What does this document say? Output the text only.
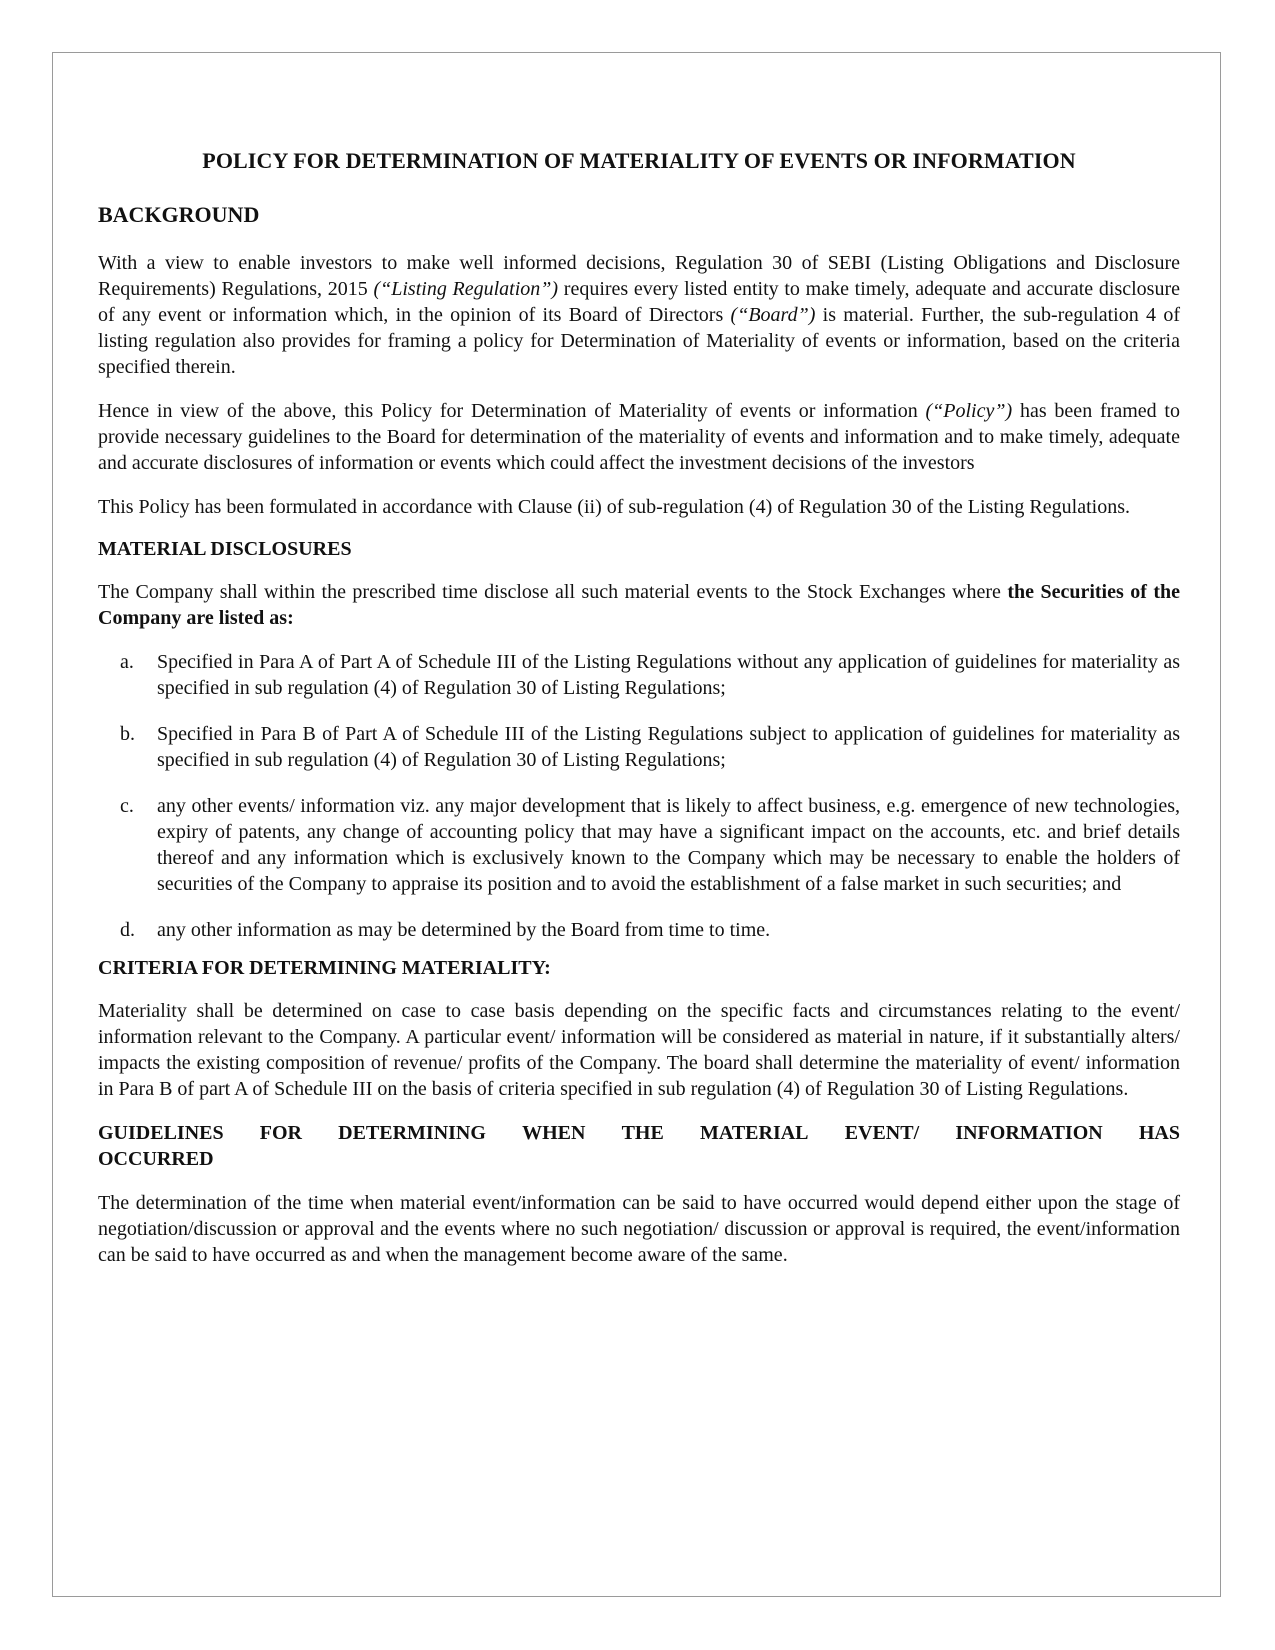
POLICY FOR DETERMINATION OF MATERIALITY OF EVENTS OR INFORMATION
BACKGROUND

With a view to enable investors to make well informed decisions, Regulation 30 of SEBI (Listing Obligations and Disclosure Requirements) Regulations, 2015 (“Listing Regulation”) requires every listed entity to make timely, adequate and accurate disclosure of any event or information which, in the opinion of its Board of Directors (“Board”) is material. Further, the sub-regulation 4 of listing regulation also provides for framing a policy for Determination of Materiality of events or information, based on the criteria specified therein.

Hence in view of the above, this Policy for Determination of Materiality of events or information (“Policy”) has been framed to provide necessary guidelines to the Board for determination of the materiality of events and information and to make timely, adequate and accurate disclosures of information or events which could affect the investment decisions of the investors

This Policy has been formulated in accordance with Clause (ii) of sub-regulation (4) of Regulation 30 of the Listing Regulations.

MATERIAL DISCLOSURES

The Company shall within the prescribed time disclose all such material events to the Stock Exchanges where the Securities of the Company are listed as:

a. Specified in Para A of Part A of Schedule III of the Listing Regulations without any application of guidelines for materiality as specified in sub regulation (4) of Regulation 30 of Listing Regulations;
b. Specified in Para B of Part A of Schedule III of the Listing Regulations subject to application of guidelines for materiality as specified in sub regulation (4) of Regulation 30 of Listing Regulations;
c. any other events/ information viz. any major development that is likely to affect business, e.g. emergence of new technologies, expiry of patents, any change of accounting policy that may have a significant impact on the accounts, etc. and brief details thereof and any information which is exclusively known to the Company which may be necessary to enable the holders of securities of the Company to appraise its position and to avoid the establishment of a false market in such securities; and
d. any other information as may be determined by the Board from time to time.
CRITERIA FOR DETERMINING MATERIALITY:

Materiality shall be determined on case to case basis depending on the specific facts and circumstances relating to the event/ information relevant to the Company. A particular event/ information will be considered as material in nature, if it substantially alters/ impacts the existing composition of revenue/ profits of the Company. The board shall determine the materiality of event/ information in Para B of part A of Schedule III on the basis of criteria specified in sub regulation (4) of Regulation 30 of Listing Regulations.

GUIDELINES FOR DETERMINING WHEN THE MATERIAL EVENT/ INFORMATION HAS
OCCURRED

The determination of the time when material event/information can be said to have occurred would depend either upon the stage of negotiation/discussion or approval and the events where no such negotiation/ discussion or approval is required, the event/information can be said to have occurred as and when the management become aware of the same.
